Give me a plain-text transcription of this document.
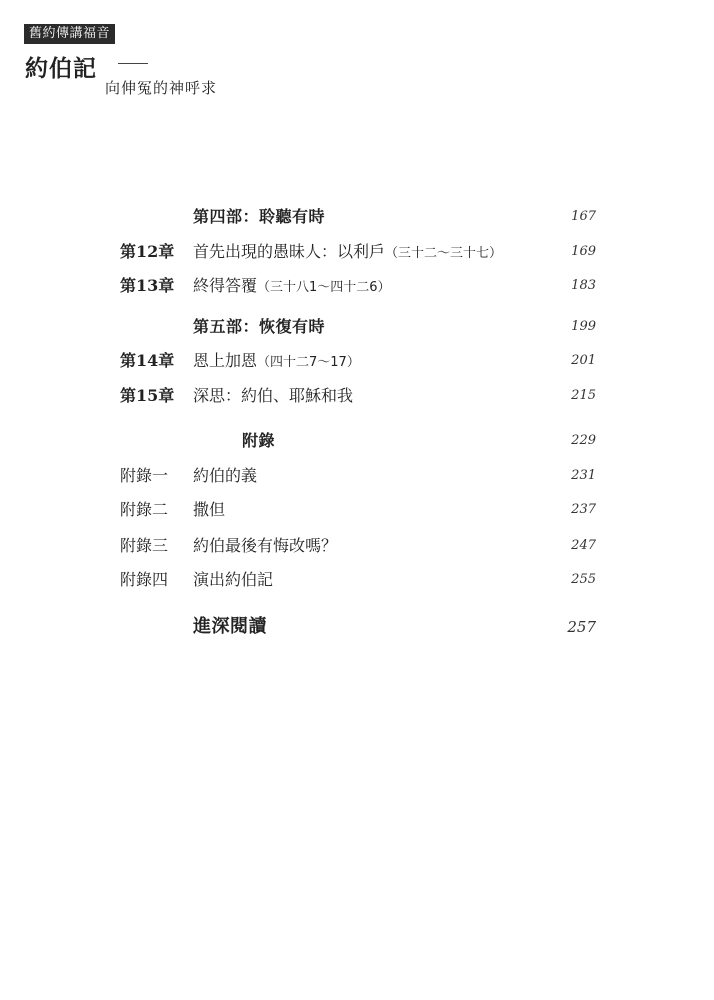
舊約傳講福音
約伯記
向伸冤的神呼求
第四部：聆聽有時	167
第12章 首先出現的愚昧人：以利戶（三十二～三十七）	169
第13章 終得答覆（三十八1～四十二6）	183
第五部：恢復有時	199
第14章 恩上加恩（四十二7～17）	201
第15章 深思：約伯、耶穌和我	215
附錄	229
附錄一 約伯的義	231
附錄二 撒但	237
附錄三 約伯最後有悔改嗎？	247
附錄四 演出約伯記	255
進深閱讀	257
